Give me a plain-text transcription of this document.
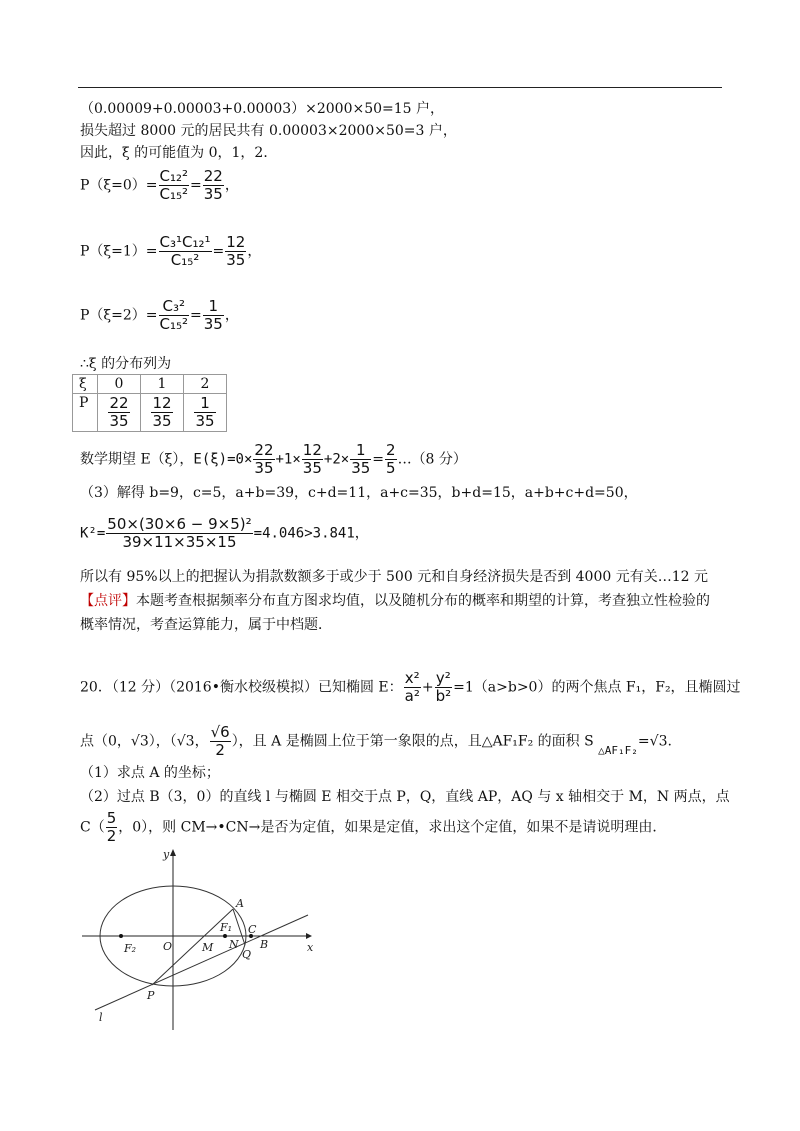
（0.00009+0.00003+0.00003）×2000×50=15 户，
损失超过 8000 元的居民共有 0.00003×2000×50=3 户，
因此，ξ 的可能值为 0，1，2．
$P(\xi=0)= \frac{\text{C₁₂²}}{\text{C₁₅²}} = \frac{22}{35}$ ，
$P(\xi=1)= \frac{\text{C₃¹C₁₂¹}}{\text{C₁₅²}} = \frac{12}{35}$ ，
$P(\xi=2)= \frac{\text{C₃²}}{\text{C₁₅²}} = \frac{1}{35}$ ，
∴ξ 的分布列为
ξ	0	1	2
P	$\frac{22}{35}$	$\frac{12}{35}$	$\frac{1}{35}$
数学期望 E（ξ），$E(\xi)=0\times \frac{22}{35} +1\times \frac{12}{35} +2\times \frac{1}{35} = \frac{2}{5}$ …（8 分）
（3）解得 b=9，c=5，a+b=39，c+d=11，a+c=35，b+d=15，a+b+c+d=50，
$K^2= \frac{\text{50×(30×6 − 9×5)²}}{39\times 11\times 35\times 15} =4.046>3.841$，
所以有 95%以上的把握认为捐款数额多于或少于 500 元和自身经济损失是否到 4000 元有关…12 元
【点评】本题考查根据频率分布直方图求均值，以及随机分布的概率和期望的计算，考查独立性检验的
概率情况，考查运算能力，属于中档题．
20．（12 分）（2016•衡水校级模拟）已知椭圆 E： $\frac{\text{x²}}{\text{a²}} + \frac{\text{y²}}{\text{b²}} =1(a>b>0)$的两个焦点 F₁，F₂，且椭圆过
点（0，√3），（√3， $\frac{√6}{2}$ ），且 A 是椭圆上位于第一象限的点，且△AF₁F₂ 的面积 S $_{\triangle AF_1F_2}$=√3.
（1）求点 A 的坐标；
（2）过点 B（3，0）的直线 l 与椭圆 E 相交于点 P，Q，直线 AP，AQ 与 x 轴相交于 M，N 两点，点
$C( \frac{5}{2}$ ，0），则 CM→•CN→是否为定值，如果是定值，求出这个定值，如果不是请说明理由．
y
x
O
A
F₁
F₂	M N
C
B
Q
P
l
